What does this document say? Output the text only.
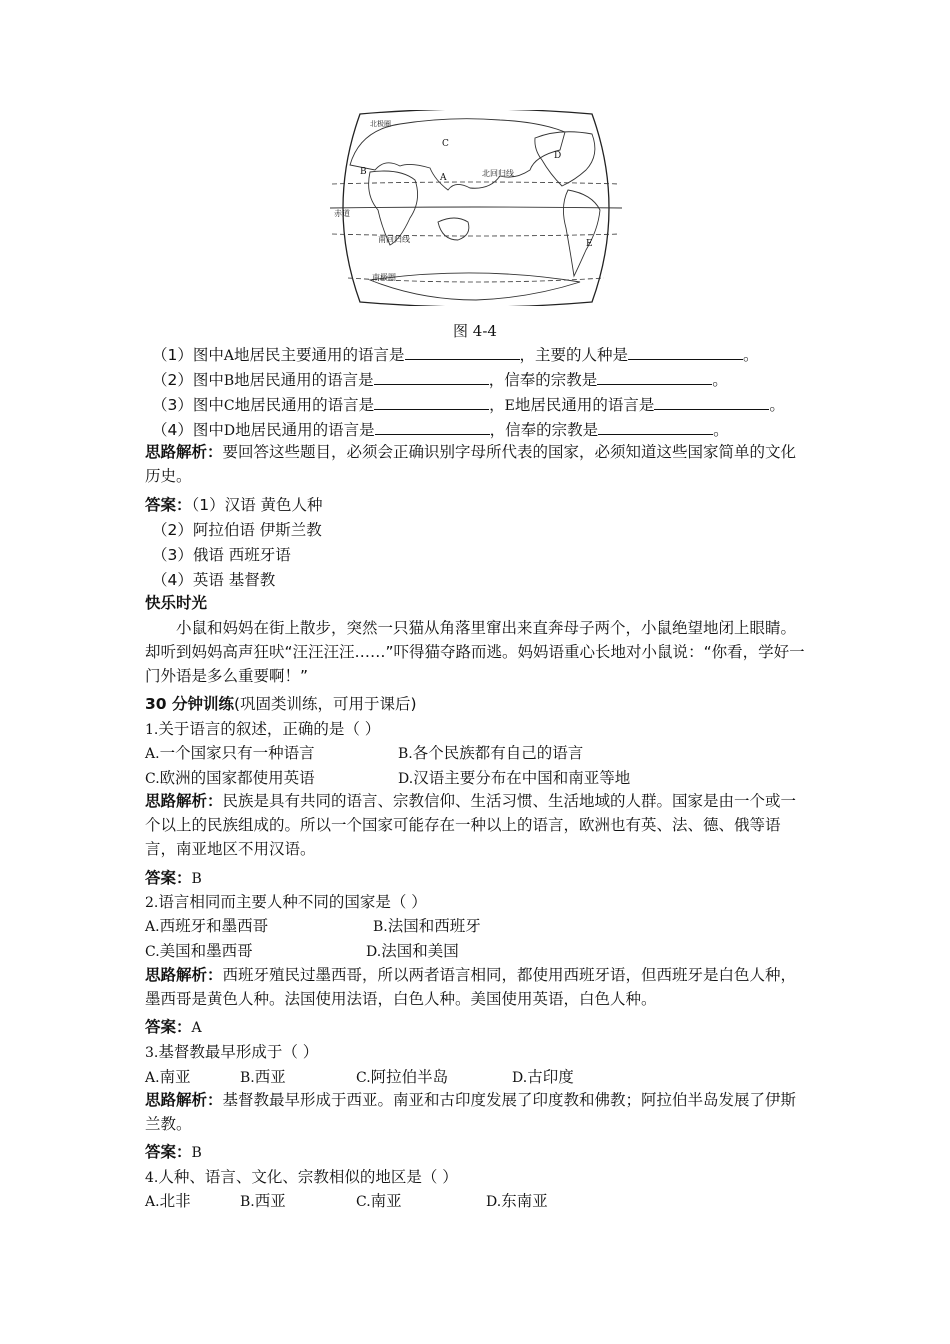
北极圈
北回归线
赤道
南回归线
南极圈
A
B
C
D
E
图 4-4
（1）图中A地居民主要通用的语言是	，主要的人种是	。
（2）图中B地居民通用的语言是	，信奉的宗教是	。
（3）图中C地居民通用的语言是	，E地居民通用的语言是	。
（4）图中D地居民通用的语言是	，信奉的宗教是	。
思路解析：要回答这些题目，必须会正确识别字母所代表的国家，必须知道这些国家简单的文化历史。
答案：（1）汉语 黄色人种
（2）阿拉伯语 伊斯兰教
（3）俄语 西班牙语
（4）英语 基督教
快乐时光
小鼠和妈妈在街上散步，突然一只猫从角落里窜出来直奔母子两个，小鼠绝望地闭上眼睛。却听到妈妈高声狂吠“汪汪汪汪……”吓得猫夺路而逃。妈妈语重心长地对小鼠说：“你看，学好一门外语是多么重要啊！”
30 分钟训练(巩固类训练，可用于课后)
1.关于语言的叙述，正确的是（ ）
A.一个国家只有一种语言	B.各个民族都有自己的语言
C.欧洲的国家都使用英语	D.汉语主要分布在中国和南亚等地
思路解析：民族是具有共同的语言、宗教信仰、生活习惯、生活地域的人群。国家是由一个或一个以上的民族组成的。所以一个国家可能存在一种以上的语言，欧洲也有英、法、德、俄等语言，南亚地区不用汉语。
答案：B
2.语言相同而主要人种不同的国家是（ ）
A.西班牙和墨西哥	B.法国和西班牙
C.美国和墨西哥	D.法国和美国
思路解析：西班牙殖民过墨西哥，所以两者语言相同，都使用西班牙语，但西班牙是白色人种，墨西哥是黄色人种。法国使用法语，白色人种。美国使用英语，白色人种。
答案：A
3.基督教最早形成于（ ）
A.南亚	B.西亚	C.阿拉伯半岛	D.古印度
思路解析：基督教最早形成于西亚。南亚和古印度发展了印度教和佛教；阿拉伯半岛发展了伊斯兰教。
答案：B
4.人种、语言、文化、宗教相似的地区是（ ）
A.北非	B.西亚	C.南亚	D.东南亚
